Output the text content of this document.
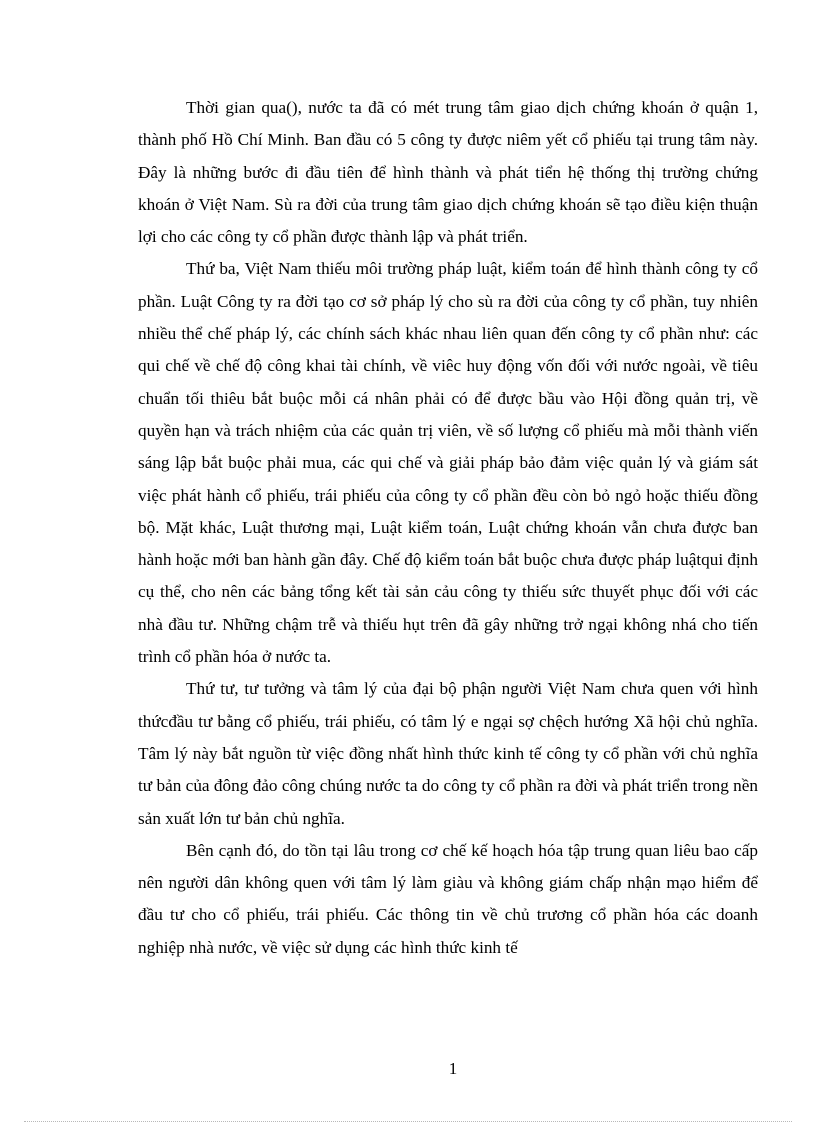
Thời gian qua(), nước ta đã có mét trung tâm giao dịch chứng khoán ở quận 1, thành phố Hồ Chí Minh. Ban đầu có 5 công ty được niêm yết cổ phiếu tại trung tâm này. Đây là những bước đi đầu tiên để hình thành và phát tiển hệ thống thị trường chứng khoán ở Việt Nam. Sù ra đời của trung tâm giao dịch chứng khoán sẽ tạo điều kiện thuận lợi cho các công ty cổ phần được thành lập và phát triển.

Thứ ba, Việt Nam thiếu môi trường pháp luật, kiểm toán để hình thành công ty cổ phần. Luật Công ty ra đời tạo cơ sở pháp lý cho sù ra đời của công ty cổ phần, tuy nhiên nhiều thể chế pháp lý, các chính sách khác nhau liên quan đến công ty cổ phần như: các qui chế về chế độ công khai tài chính, về viêc huy động vốn đối với nước ngoài, về tiêu chuẩn tối thiêu bắt buộc mỗi cá nhân phải có để được bầu vào Hội đồng quản trị, về quyền hạn và trách nhiệm của các quản trị viên, về số lượng cổ phiếu mà mỗi thành viến sáng lập bắt buộc phải mua, các qui chế và giải pháp bảo đảm việc quản lý và giám sát việc phát hành cổ phiếu, trái phiếu của công ty cổ phần đều còn bỏ ngỏ hoặc thiếu đồng bộ. Mặt khác, Luật thương mại, Luật kiểm toán, Luật chứng khoán vẫn chưa được ban hành hoặc mới ban hành gần đây. Chế độ kiểm toán bắt buộc chưa được pháp luậtqui định cụ thể, cho nên các bảng tổng kết tài sản cảu công ty thiếu sức thuyết phục đối với các nhà đầu tư. Những chậm trễ và thiếu hụt trên đã gây những trở ngại không nhá cho tiến trình cổ phần hóa ở nước ta.

Thứ tư, tư tưởng và tâm lý của đại bộ phận người Việt Nam chưa quen với hình thứcđầu tư bằng cổ phiếu, trái phiếu, có tâm lý e ngại sợ chệch hướng Xã hội chủ nghĩa. Tâm lý này bắt nguồn từ việc đồng nhất hình thức kinh tế công ty cổ phần với chủ nghĩa tư bản của đông đảo công chúng nước ta do công ty cổ phần ra đời và phát triển trong nền sản xuất lớn tư bản chủ nghĩa.

Bên cạnh đó, do tồn tại lâu trong cơ chế kế hoạch hóa tập trung quan liêu bao cấp nên người dân không quen với tâm lý làm giàu và không giám chấp nhận mạo hiểm để đầu tư cho cổ phiếu, trái phiếu. Các thông tin về chủ trương cổ phần hóa các doanh nghiệp nhà nước, về việc sử dụng các hình thức kinh tế

1
